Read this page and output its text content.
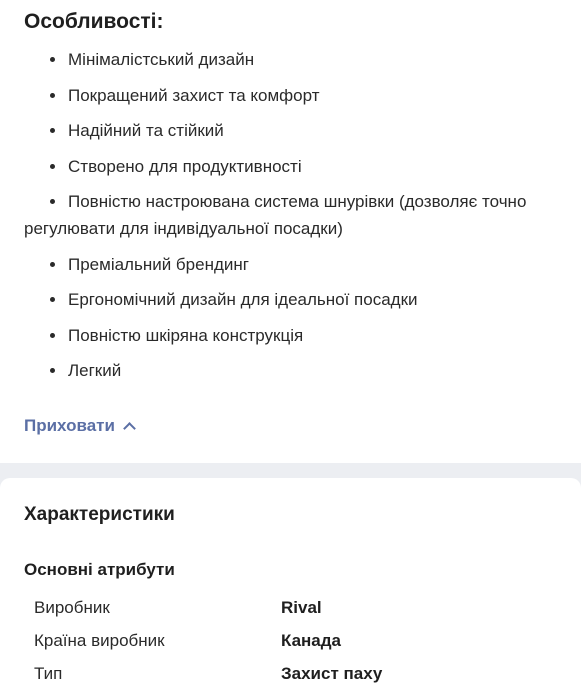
Особливості:
Мінімалістський дизайн
Покращений захист та комфорт
Надійний та стійкий
Створено для продуктивності
Повністю настроювана система шнурівки (дозволяє точно регулювати для індивідуальної посадки)
Преміальний брендинг
Ергономічний дизайн для ідеальної посадки
Повністю шкіряна конструкція
Легкий
Приховати
Характеристики
Основні атрибути
Виробник	Rival
Країна виробник	Канада
Тип	Захист паху
